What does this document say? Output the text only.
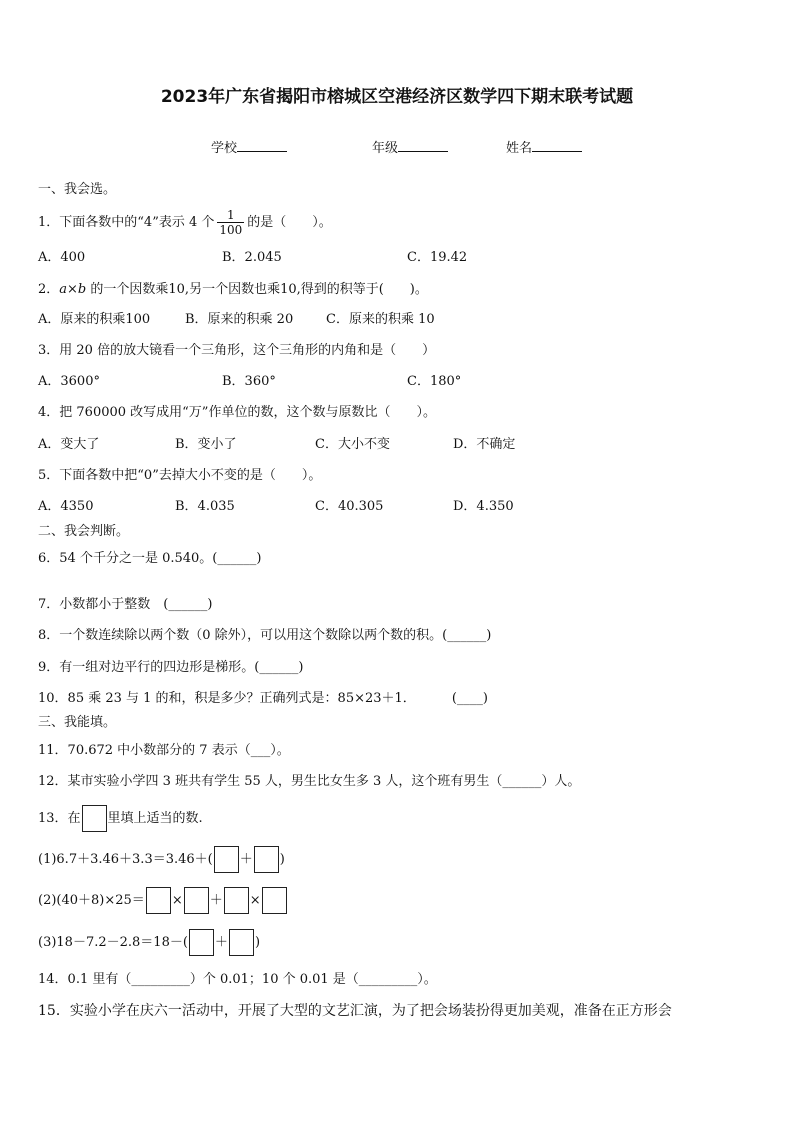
2023年广东省揭阳市榕城区空港经济区数学四下期末联考试题
学校	年级	姓名
一、我会选。
1．下面各数中的“4”表示 4 个 $\frac{1}{100}$ 的是（　　）。
A．400	B．2.045	C．19.42
2．a×b 的一个因数乘10,另一个因数也乘10,得到的积等于(　　)。
A．原来的积乘100	B．原来的积乘 20	C．原来的积乘 10
3．用 20 倍的放大镜看一个三角形，这个三角形的内角和是（　　）
A．3600°	B．360°	C．180°
4．把 760000 改写成用“万”作单位的数，这个数与原数比（　　）。
A．变大了	B．变小了	C．大小不变	D．不确定
5．下面各数中把“0”去掉大小不变的是（　　）。
A．4350	B．4.035	C．40.305	D．4.350
二、我会判断。
6．54 个千分之一是 0.540。(______)
7．小数都小于整数　(______)
8．一个数连续除以两个数（0 除外），可以用这个数除以两个数的积。(______)
9．有一组对边平行的四边形是梯形。(______)
10．85 乘 23 与 1 的和，积是多少？正确列式是：85×23＋1．	(____)
三、我能填。
11．70.672 中小数部分的 7 表示（___）。
12．某市实验小学四 3 班共有学生 55 人，男生比女生多 3 人，这个班有男生（______）人。
13．在 里填上适当的数.
(1)6.7＋3.46＋3.3＝3.46＋( ＋ )
(2)(40＋8)×25＝ × ＋ ×
(3)18－7.2－2.8＝18－( ＋ )
14．0.1 里有（_________）个 0.01；10 个 0.01 是（_________）。
15．实验小学在庆六一活动中，开展了大型的文艺汇演，为了把会场装扮得更加美观，准备在正方形会
